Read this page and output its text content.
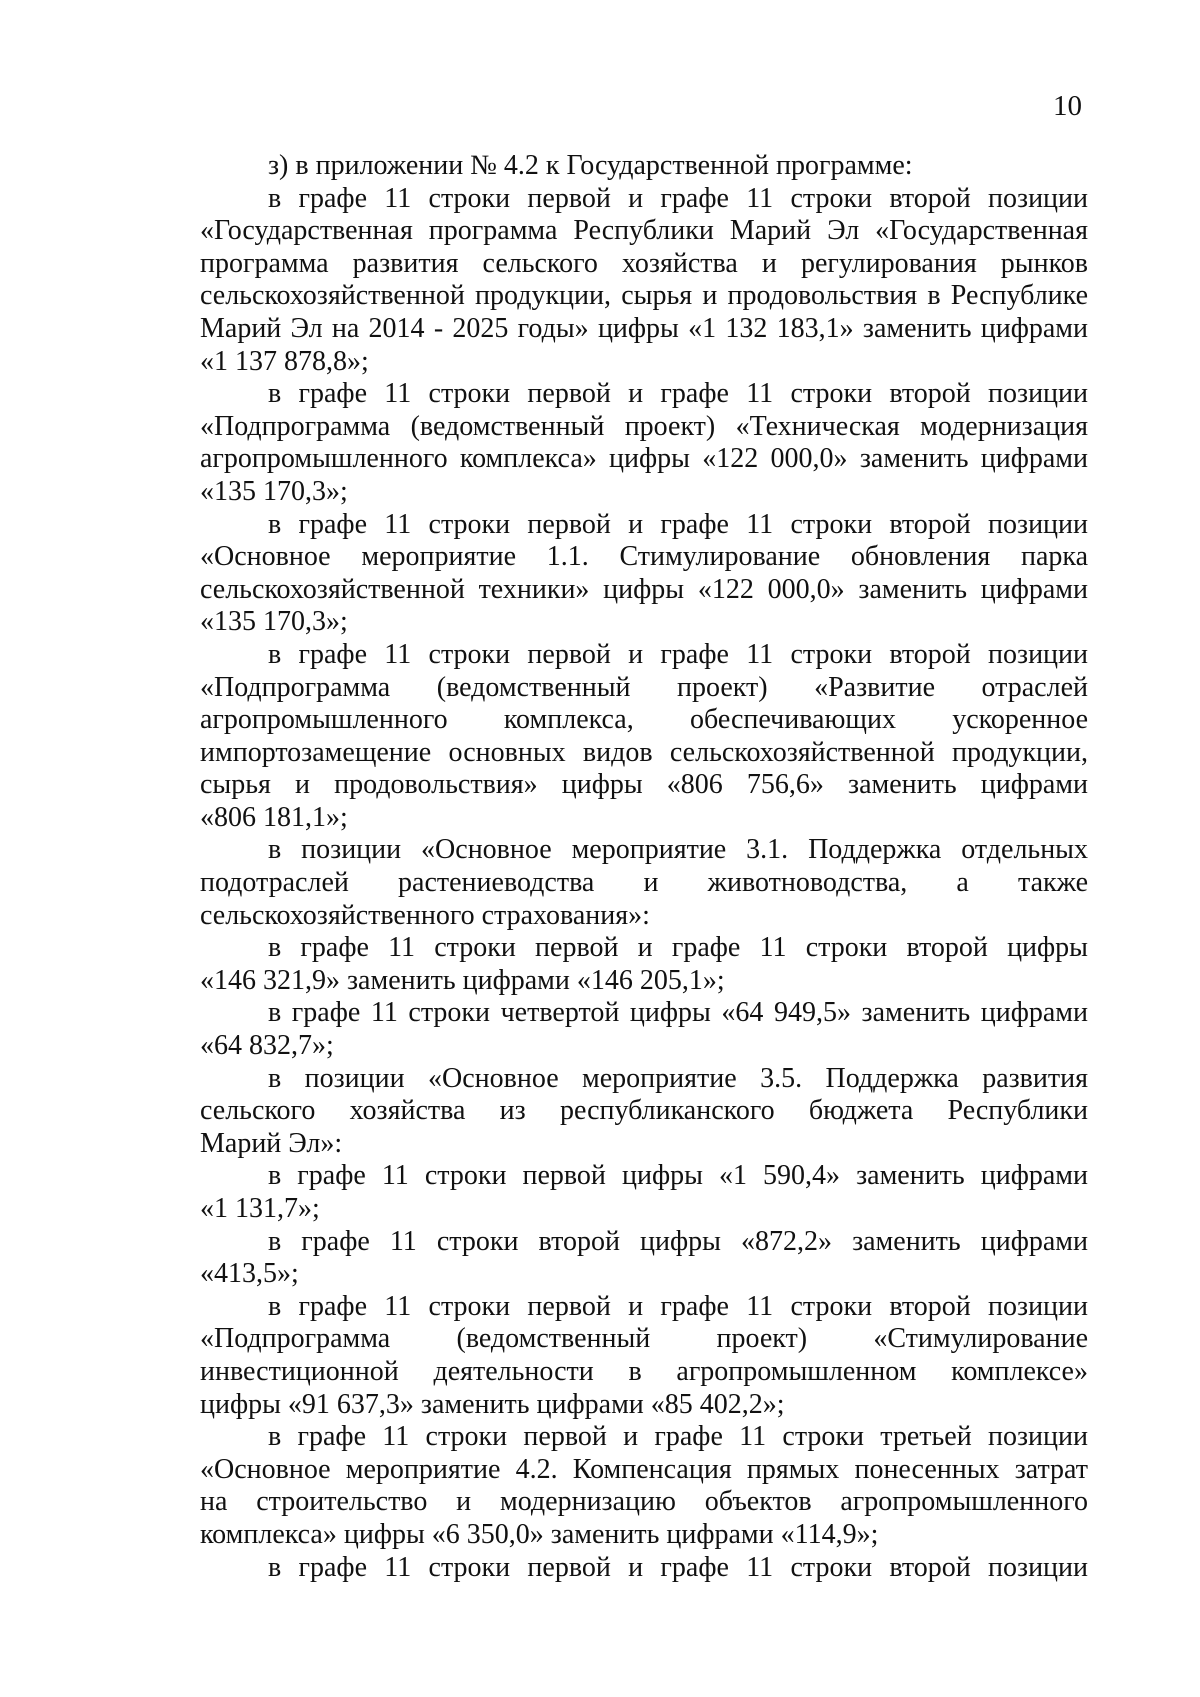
10
з) в приложении № 4.2 к Государственной программе:
в графе 11 строки первой и графе 11 строки второй позиции
«Государственная программа Республики Марий Эл «Государственная
программа развития сельского хозяйства и регулирования рынков
сельскохозяйственной продукции, сырья и продовольствия в Республике
Марий Эл на 2014 - 2025 годы» цифры «1 132 183,1» заменить цифрами
«1 137 878,8»;
в графе 11 строки первой и графе 11 строки второй позиции
«Подпрограмма (ведомственный проект) «Техническая модернизация
агропромышленного комплекса» цифры «122 000,0» заменить цифрами
«135 170,3»;
в графе 11 строки первой и графе 11 строки второй позиции
«Основное мероприятие 1.1. Стимулирование обновления парка
сельскохозяйственной техники» цифры «122 000,0» заменить цифрами
«135 170,3»;
в графе 11 строки первой и графе 11 строки второй позиции
«Подпрограмма (ведомственный проект) «Развитие отраслей
агропромышленного комплекса, обеспечивающих ускоренное
импортозамещение основных видов сельскохозяйственной продукции,
сырья и продовольствия» цифры «806 756,6» заменить цифрами
«806 181,1»;
в позиции «Основное мероприятие 3.1. Поддержка отдельных
подотраслей растениеводства и животноводства, а также
сельскохозяйственного страхования»:
в графе 11 строки первой и графе 11 строки второй цифры
«146 321,9» заменить цифрами «146 205,1»;
в графе 11 строки четвертой цифры «64 949,5» заменить цифрами
«64 832,7»;
в позиции «Основное мероприятие 3.5. Поддержка развития
сельского хозяйства из республиканского бюджета Республики
Марий Эл»:
в графе 11 строки первой цифры «1 590,4» заменить цифрами
«1 131,7»;
в графе 11 строки второй цифры «872,2» заменить цифрами
«413,5»;
в графе 11 строки первой и графе 11 строки второй позиции
«Подпрограмма (ведомственный проект) «Стимулирование
инвестиционной деятельности в агропромышленном комплексе»
цифры «91 637,3» заменить цифрами «85 402,2»;
в графе 11 строки первой и графе 11 строки третьей позиции
«Основное мероприятие 4.2. Компенсация прямых понесенных затрат
на строительство и модернизацию объектов агропромышленного
комплекса» цифры «6 350,0» заменить цифрами «114,9»;
в графе 11 строки первой и графе 11 строки второй позиции
